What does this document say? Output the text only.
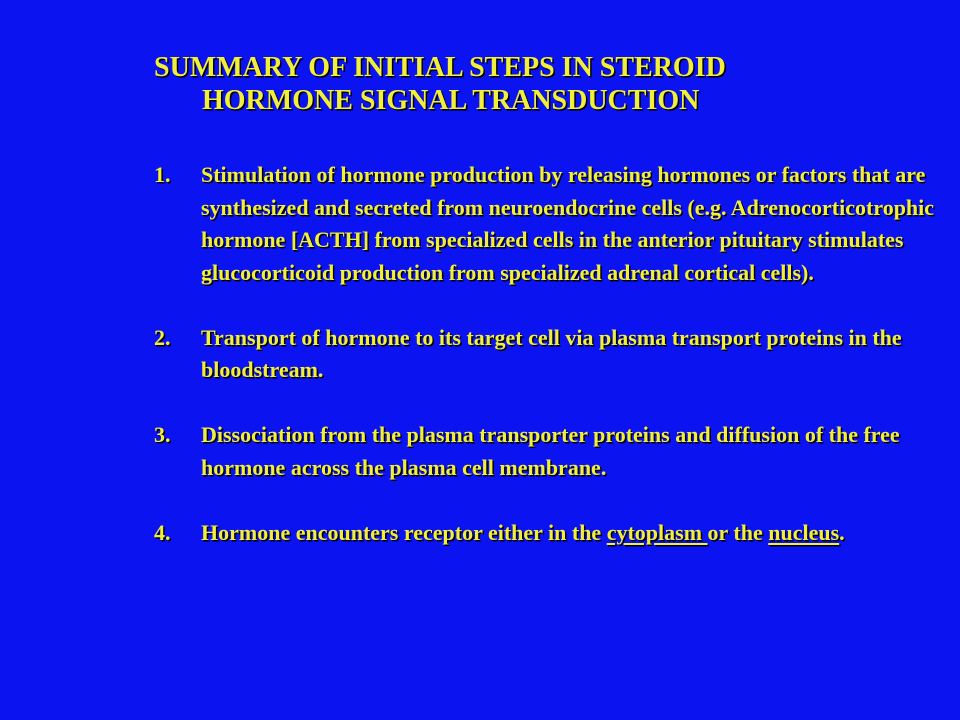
SUMMARY OF INITIAL STEPS IN STEROID
HORMONE SIGNAL TRANSDUCTION
1.	Stimulation of hormone production by releasing hormones or factors that are synthesized and secreted from neuroendocrine cells (e.g. Adrenocorticotrophic hormone [ACTH] from specialized cells in the anterior pituitary stimulates glucocorticoid production from specialized adrenal cortical cells).
2.	Transport of hormone to its target cell via plasma transport proteins in the bloodstream.
3.	Dissociation from the plasma transporter proteins and diffusion of the free hormone across the plasma cell membrane.
4.	Hormone encounters receptor either in the cytoplasm or the nucleus.
